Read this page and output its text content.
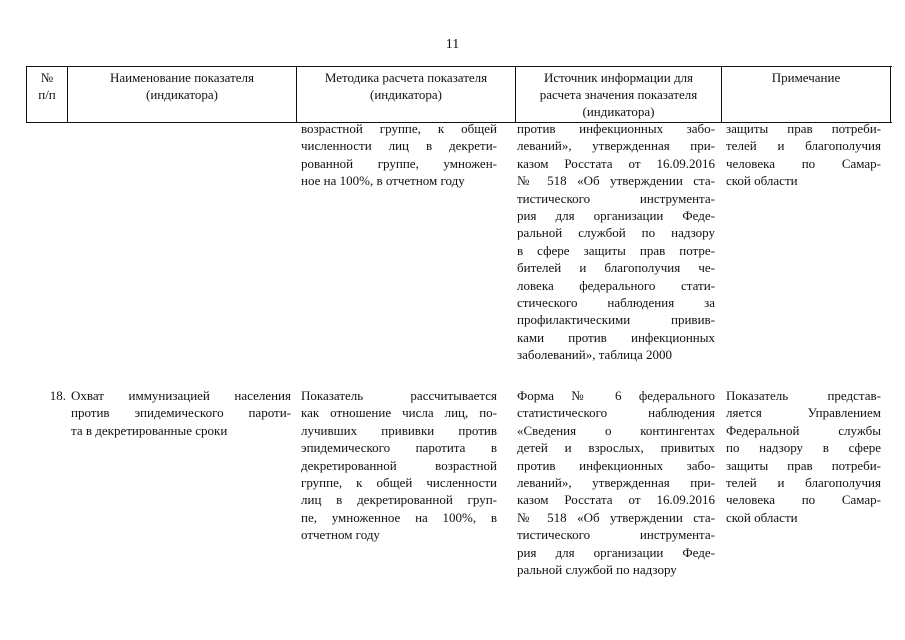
11
№
п/п
Наименование показателя
(индикатора)
Методика расчета показателя
(индикатора)
Источник информации для
расчета значения показателя
(индикатора)
Примечание
возрастной группе, к общей
численности лиц в декрети-
рованной группе, умножен-
ное на 100%, в отчетном году
против инфекционных забо-
леваний», утвержденная при-
казом Росстата от 16.09.2016
№ 518 «Об утверждении ста-
тистического инструмента-
рия для организации Федe-
ральной службой по надзору
в сфере защиты прав потре-
бителей и благополучия че-
ловека федерального стати-
стического наблюдения за
профилактическими привив-
ками против инфекционных
заболеваний», таблица 2000
защиты прав потреби-
телей и благополучия
человека по Самар-
ской области
18. Охват иммунизацией населения
против эпидемического пароти-
та в декретированные сроки
Показатель рассчитывается
как отношение числа лиц, по-
лучивших прививки против
эпидемического паротита в
декретированной возрастной
группе, к общей численности
лиц в декретированной груп-
пе, умноженное на 100%, в
отчетном году
Форма № 6 федерального
статистического наблюдения
«Сведения о контингентах
детей и взрослых, привитых
против инфекционных забо-
леваний», утвержденная при-
казом Росстата от 16.09.2016
№ 518 «Об утверждении ста-
тистического инструмента-
рия для организации Федe-
ральной службой по надзору
Показатель представ-
ляется Управлением
Федеральной службы
по надзору в сфере
защиты прав потреби-
телей и благополучия
человека по Самар-
ской области
